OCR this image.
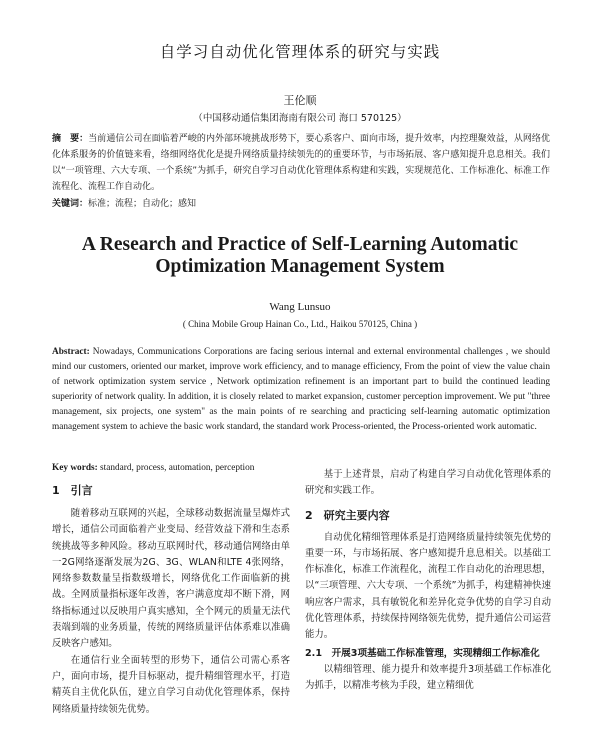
自学习自动优化管理体系的研究与实践
王伦顺
（中国移动通信集团海南有限公司 海口 570125）
摘　要：当前通信公司在面临着严峻的内外部环境挑战形势下，要心系客户、面向市场，提升效率，内控理聚效益，从网络优化体系服务的价值链来看，络细网络优化是提升网络质量持续领先的的重要环节，与市场拓展、客户感知提升息息相关。我们以“一项管理、六大专项、一个系统”为抓手，研究自学习自动优化管理体系构建和实践，实现规范化、工作标准化、标准工作流程化、流程工作自动化。
关键词：标准；流程；自动化；感知
A Research and Practice of Self-Learning Automatic
Optimization Management System
Wang Lunsuo
( China Mobile Group Hainan Co., Ltd., Haikou 570125, China )
Abstract: Nowadays, Communications Corporations are facing serious internal and external environmental challenges , we should mind our customers, oriented our market, improve work efficiency, and to manage efficiency, From the point of view the value chain of network optimization system service , Network optimization refinement is an important part to build the continued leading superiority of network quality. In addition, it is closely related to market expansion, customer perception improvement. We put "three management, six projects, one system" as the main points of re searching and practicing self-learning automatic optimization management system to achieve the basic work standard, the standard work Process-oriented, the Process-oriented work automatic.
Key words: standard, process, automation, perception
1　引言

随着移动互联网的兴起，全球移动数据流量呈爆炸式增长，通信公司面临着产业变局、经营效益下滑和生态系统挑战等多种风险。移动互联网时代，移动通信网络由单一2G网络逐渐发展为2G、3G、WLAN和LTE 4张网络，网络参数数量呈指数级增长，网络优化工作面临新的挑战。全网质量指标逐年改善，客户满意度却不断下滑，网络指标通过以反映用户真实感知，全个网元的质量无法代表端到端的业务质量，传统的网络质量评估体系难以准确反映客户感知。

在通信行业全面转型的形势下，通信公司需心系客户，面向市场，提升目标驱动，提升精细管理水平，打造精英自主优化队伍，建立自学习自动优化管理体系，保持网络质量持续领先优势。

基于上述背景，启动了构建自学习自动优化管理体系的研究和实践工作。

2　研究主要内容

自动优化精细管理体系是打造网络质量持续领先优势的重要一环，与市场拓展、客户感知提升息息相关。以基础工作标准化，标准工作流程化，流程工作自动化的治理思想，以“三项管理、六大专项、一个系统”为抓手，构建精神快速响应客户需求，具有敏锐化和差异化竞争优势的自学习自动优化管理体系，持续保持网络领先优势，提升通信公司运营能力。

2.1　开展3项基础工作标准管理，实现精细工作标准化

以精细管理、能力提升和效率提升3项基础工作标准化为抓手，以精准考核为手段，建立精细优
